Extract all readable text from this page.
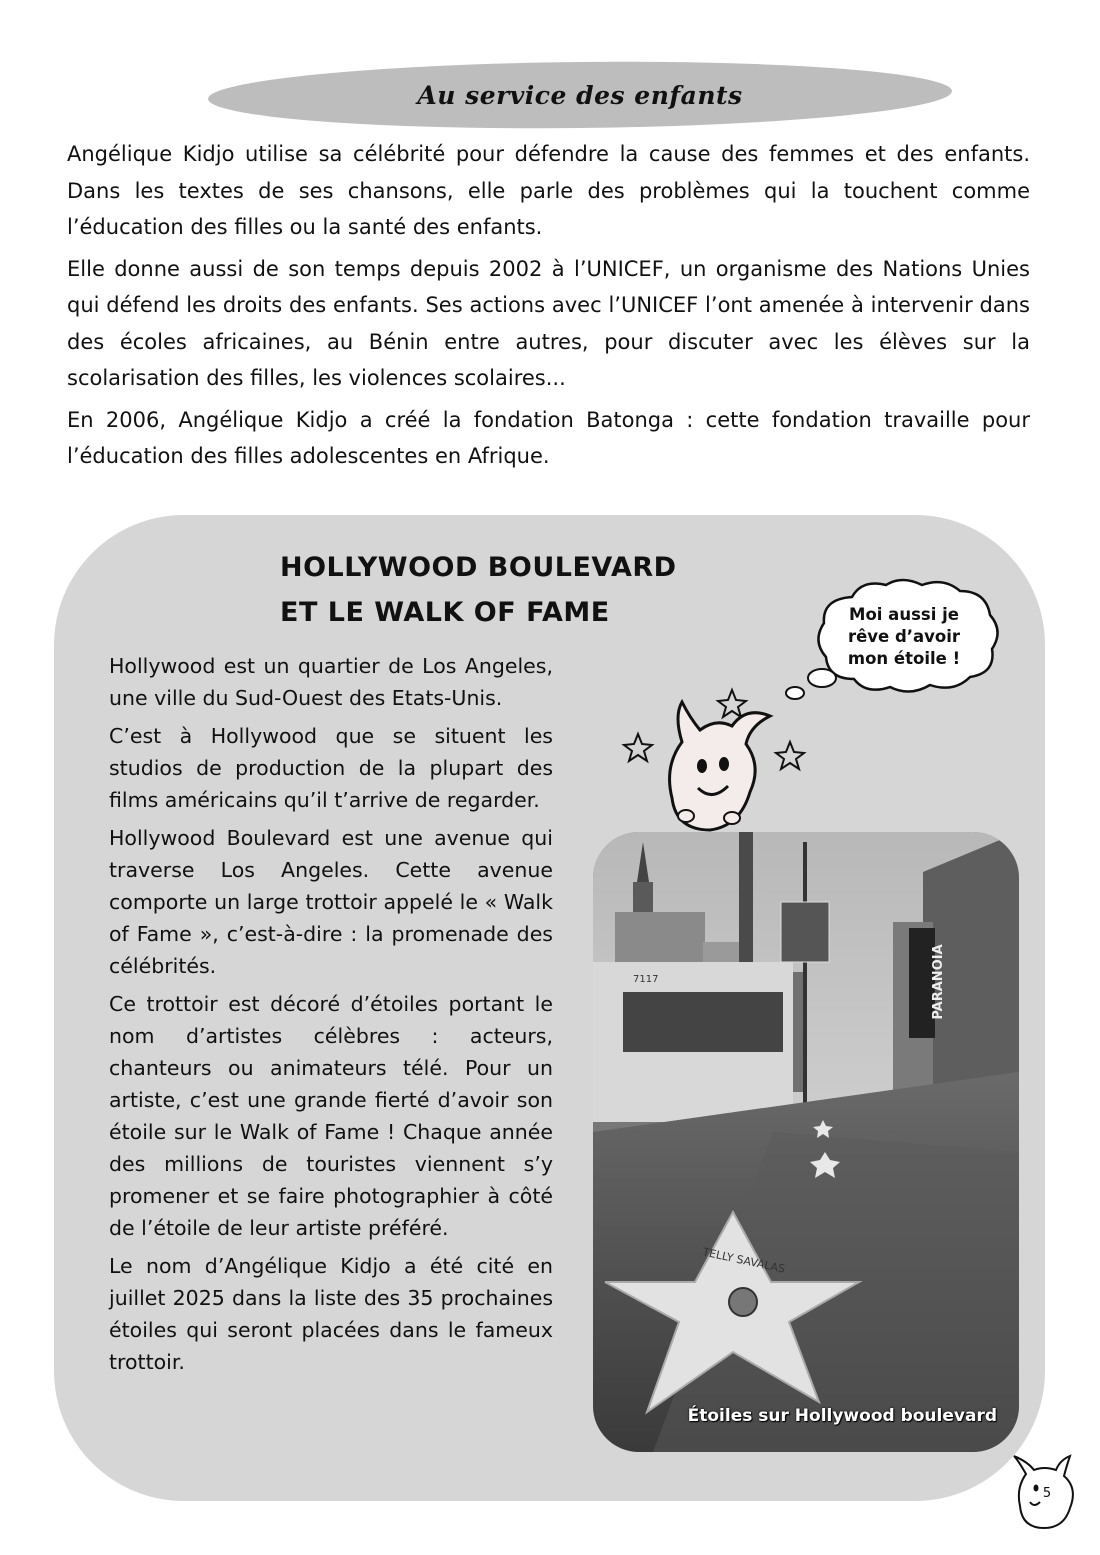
Au service des enfants

Angélique Kidjo utilise sa célébrité pour défendre la cause des femmes et des enfants. Dans les textes de ses chansons, elle parle des problèmes qui la touchent comme l’éducation des filles ou la santé des enfants.

Elle donne aussi de son temps depuis 2002 à l’UNICEF, un organisme des Nations Unies qui défend les droits des enfants. Ses actions avec l’UNICEF l’ont amenée à intervenir dans des écoles africaines, au Bénin entre autres, pour discuter avec les élèves sur la scolarisation des filles, les violences scolaires...

En 2006, Angélique Kidjo a créé la fondation Batonga : cette fondation travaille pour l’éducation des filles adolescentes en Afrique.

HOLLYWOOD BOULEVARD
ET LE WALK OF FAME

Hollywood est un quartier de Los Angeles, une ville du Sud-Ouest des Etats-Unis.

C’est à Hollywood que se situent les studios de production de la plupart des films américains qu’il t’arrive de regarder.

Hollywood Boulevard est une avenue qui traverse Los Angeles. Cette avenue comporte un large trottoir appelé le « Walk of Fame », c’est-à-dire : la promenade des célébrités.

Ce trottoir est décoré d’étoiles portant le nom d’artistes célèbres : acteurs, chanteurs ou animateurs télé. Pour un artiste, c’est une grande fierté d’avoir son étoile sur le Walk of Fame ! Chaque année des millions de touristes viennent s’y promener et se faire photographier à côté de l’étoile de leur artiste préféré.

Le nom d’Angélique Kidjo a été cité en juillet 2025 dans la liste des 35 prochaines étoiles qui seront placées dans le fameux trottoir.

Moi aussi je
rêve d’avoir
mon étoile !
PARANOIA
7117
TELLY SAVALAS
Étoiles sur Hollywood boulevard
5
